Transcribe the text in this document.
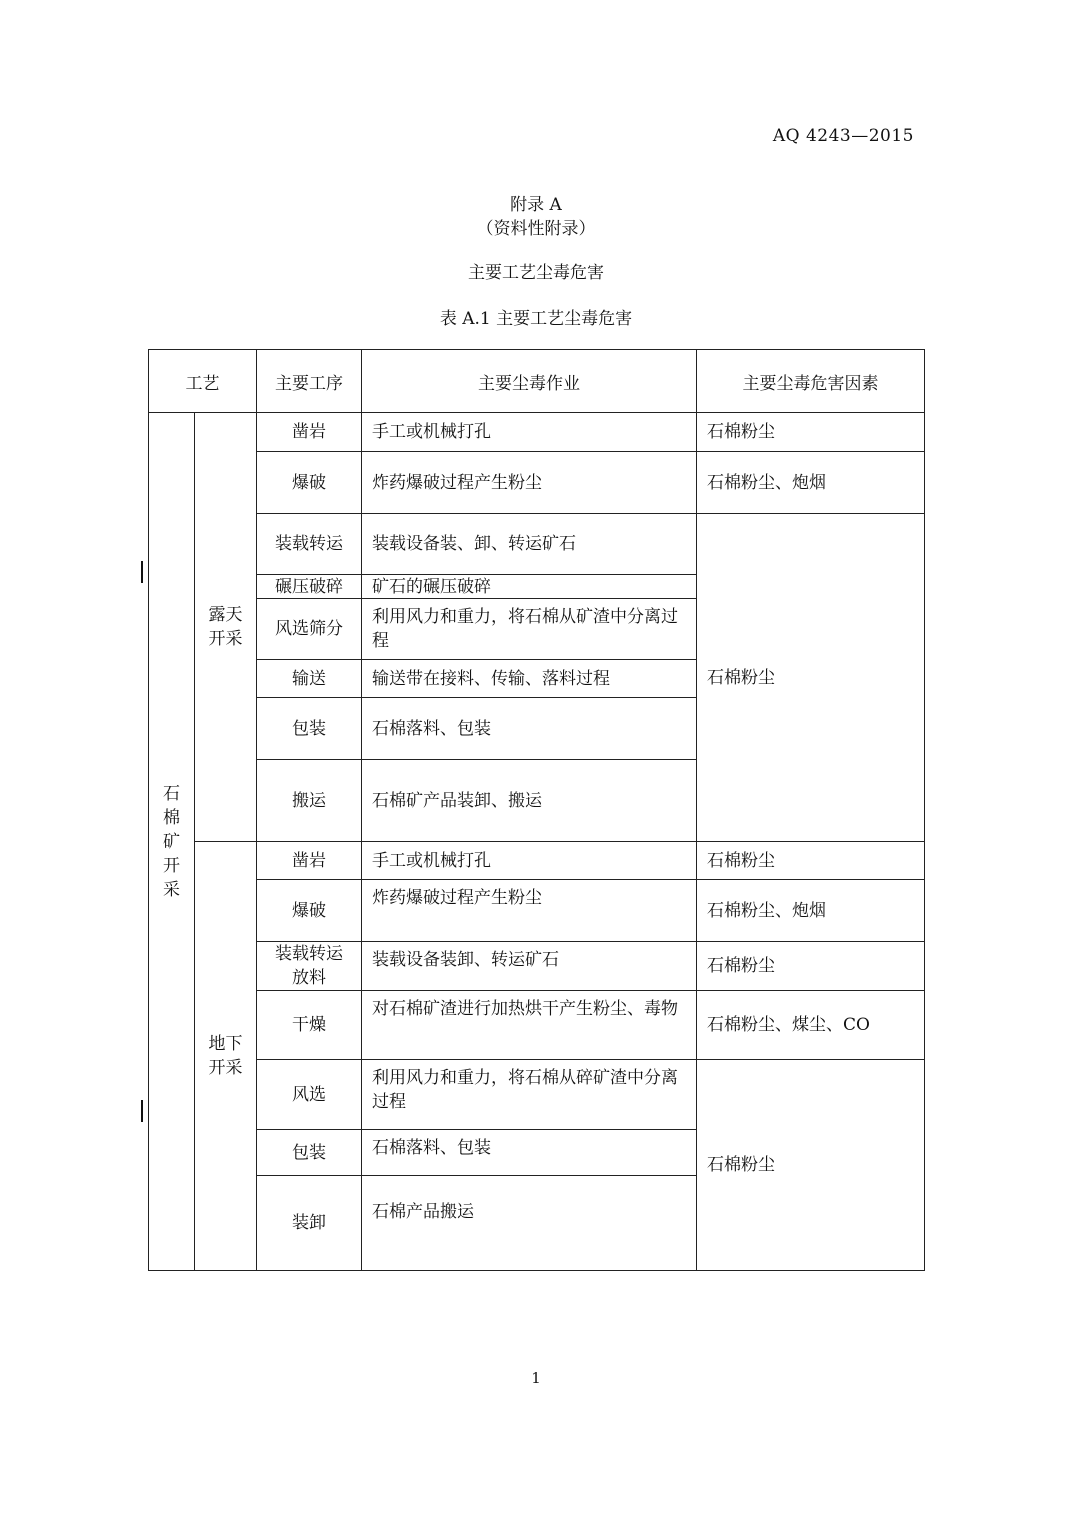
AQ 4243—2015
附录 A
（资料性附录）
主要工艺尘毒危害
表 A.1 主要工艺尘毒危害
工艺		主要工序	主要尘毒作业	主要尘毒危害因素
石棉矿开采	露天开采	凿岩	手工或机械打孔	石棉粉尘
		爆破	炸药爆破过程产生粉尘	石棉粉尘、炮烟
		装载转运	装载设备装、卸、转运矿石	石棉粉尘
		碾压破碎	矿石的碾压破碎	
		风选筛分	利用风力和重力，将石棉从矿渣中分离过程	
		输送	输送带在接料、传输、落料过程	
		包装	石棉落料、包装	
		搬运	石棉矿产品装卸、搬运	
	地下开采	凿岩	手工或机械打孔	石棉粉尘
		爆破	炸药爆破过程产生粉尘	石棉粉尘、炮烟
		装载转运放料	装载设备装卸、转运矿石	石棉粉尘
		干燥	对石棉矿渣进行加热烘干产生粉尘、毒物	石棉粉尘、煤尘、CO
		风选	利用风力和重力，将石棉从碎矿渣中分离过程	石棉粉尘
		包装	石棉落料、包装	
		装卸	石棉产品搬运	
1
